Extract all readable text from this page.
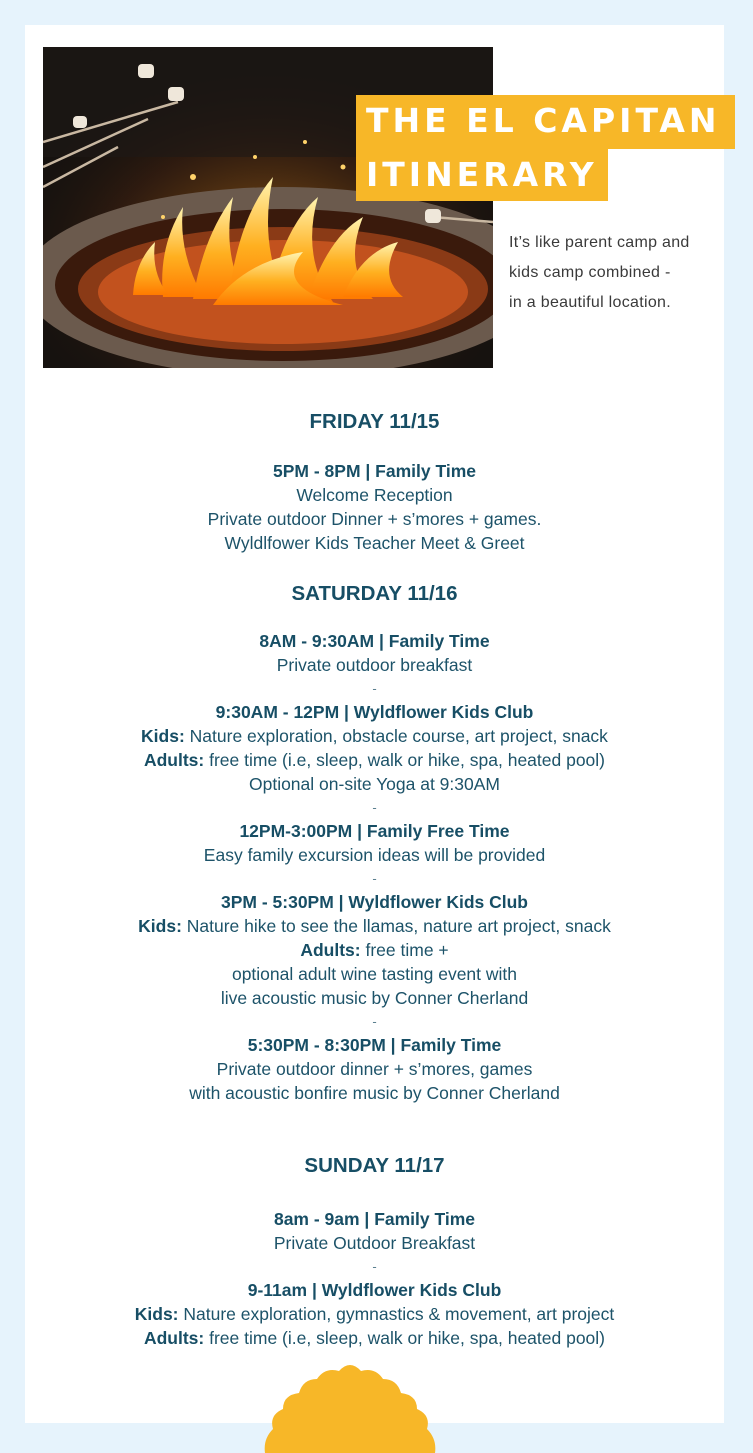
THE EL CAPITAN
ITINERARY
It’s like parent camp and
kids camp combined -
in a beautiful location.
FRIDAY 11/15
5PM - 8PM | Family Time
Welcome Reception
Private outdoor Dinner + s’mores + games.
Wyldlfower Kids Teacher Meet & Greet
SATURDAY 11/16
8AM - 9:30AM | Family Time
Private outdoor breakfast
-
9:30AM - 12PM | Wyldflower Kids Club
Kids: Nature exploration, obstacle course, art project, snack
Adults: free time (i.e, sleep, walk or hike, spa, heated pool)
Optional on-site Yoga at 9:30AM
-
12PM-3:00PM | Family Free Time
Easy family excursion ideas will be provided
-
3PM - 5:30PM | Wyldflower Kids Club
Kids: Nature hike to see the llamas, nature art project, snack
Adults: free time +
optional adult wine tasting event with
live acoustic music by Conner Cherland
-
5:30PM - 8:30PM | Family Time
Private outdoor dinner + s’mores, games
with acoustic bonfire music by Conner Cherland
SUNDAY 11/17
8am - 9am | Family Time
Private Outdoor Breakfast
-
9-11am | Wyldflower Kids Club
Kids: Nature exploration, gymnastics & movement, art project
Adults: free time (i.e, sleep, walk or hike, spa, heated pool)
